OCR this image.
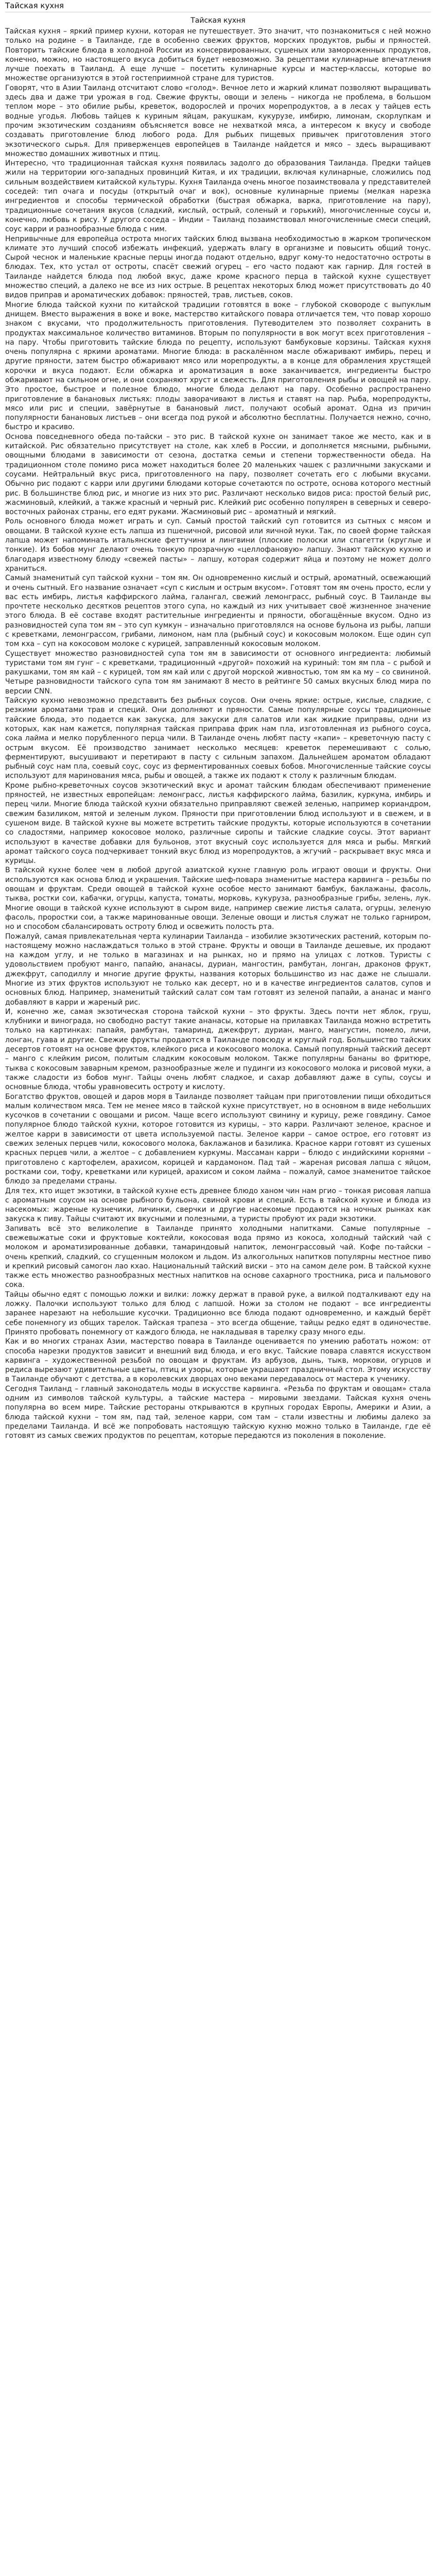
Тайская кухня
Тайская кухня

Тайская кухня – яркий пример кухни, которая не путешествует. Это значит, что познакомиться с ней можно только на родине – в Таиланде, где в особенно свежих фруктов, морских продуктов, рыбы и пряностей. Повторить тайские блюда в холодной России из консервированных, сушеных или замороженных продуктов, конечно, можно, но настоящего вкуса добиться будет невозможно. За рецептами кулинарные впечатления лучше поехать в Таиланд. А еще лучше – посетить кулинарные курсы и мастер-классы, которые во множестве организуются в этой гостеприимной стране для туристов.

Говорят, что в Азии Таиланд отсчитают слово «голод». Вечное лето и жаркий климат позволяют выращивать здесь два и даже три урожая в год. Свежие фрукты, овощи и зелень – никогда не проблема, в большом теплом море – это обилие рыбы, креветок, водорослей и прочих морепродуктов, а в лесах у тайцев есть водные угодья. Любовь тайцев к куриным яйцам, ракушкам, кукурузе, имбирю, лимонам, скорлупкам и прочим экзотическим созданиям объясняется вовсе не нехваткой мяса, а интересом к вкусу и свободе создавать приготовление блюд любого рода. Для рыбьих пищевых привычек приготовления этого экзотического сырья. Для приверженцев европейцев в Таиланде найдется и мясо – здесь выращивают множество домашних животных и птиц.

Интересно, что традиционная тайская кухня появилась задолго до образования Таиланда. Предки тайцев жили на территории юго-западных провинций Китая, и их традиции, включая кулинарные, сложились под сильным воздействием китайской культуры. Кухня Таиланда очень многое позаимствовала у представителей соседей: тип очага и посуды (открытый очаг и вок), основные кулинарные приемы (мелкая нарезка ингредиентов и способы термической обработки (быстрая обжарка, варка, приготовление на пару), традиционные сочетания вкусов (сладкий, кислый, острый, соленый и горький), многочисленные соусы и, конечно, любовь к рису. У другого соседа – Индии – Таиланд позаимствовал многочисленные смеси специй, соус карри и разнообразные блюда с ним.

Непривычные для европейца острота многих тайских блюд вызвана необходимостью в жарком тропическом климате это лучший способ избежать инфекций, удержать влагу в организме и повысить общий тонус. Сырой чеснок и маленькие красные перцы иногда подают отдельно, вдруг кому-то недостаточно остроты в блюдах. Тех, кто устал от остроты, спасёт свежий огурец – его часто подают как гарнир. Для гостей в Таиланде найдется блюда под любой вкус, даже кроме красного перца в тайской кухне существует множество специй, а далеко не все из них острые. В рецептах некоторых блюд может присутствовать до 40 видов приправ и ароматических добавок: пряностей, трав, листьев, соков.

Многие блюда тайской кухни по китайской традиции готовятся в воке – глубокой сковороде с выпуклым днищем. Вместо выражения в воке и воке, мастерство китайского повара отличается тем, что повар хорошо знаком с вкусами, что продолжительность приготовления. Путеводителем это позволяет сохранить в продуктах максимальное количество витаминов. Вторым по популярности в вок могут всех приготовления – на пару. Чтобы приготовить тайские блюда по рецепту, используют бамбуковые корзины. Тайская кухня очень популярна с яркими ароматами. Многие блюда: в раскалённом масле обжаривают имбирь, перец и другие пряности, затем быстро обжаривают мясо или морепродукты, а в конце для обрамления хрустящей корочки и вкуса подают. Если обжарка и ароматизация в воке заканчивается, ингредиенты быстро обжаривают на сильном огне, и они сохраняют хруст и свежесть. Для приготовления рыбы и овощей на пару. Это простое, быстрое и полезное блюдо, многие блюда делают на пару. Особенно распространено приготовление в банановых листьях: плоды заворачивают в листья и ставят на пар. Рыба, морепродукты, мясо или рис и специи, завёрнутые в банановый лист, получают особый аромат. Одна из причин популярности банановых листьев – они всегда под рукой и абсолютно бесплатны. Получается нежно, сочно, быстро и красиво.

Основа повседневного обеда по-тайски – это рис. В тайской кухне он занимает такое же место, как и в китайской. Рис обязательно присутствует на столе, как хлеб в России, и дополняется мясными, рыбными, овощными блюдами в зависимости от сезона, достатка семьи и степени торжественности обеда. На традиционном столе помимо риса может находиться более 20 маленьких чашек с различными закусками и соусами. Нейтральный вкус риса, приготовленного на пару, позволяет сочетать его с любыми вкусами. Обычно рис подают с карри или другими блюдами которые сочетаются по остроте, основа которого местный рис. В большинстве блюд рис, и многие из них это рис. Различают несколько видов риса: простой белый рис, жасминовый, клейкий, а также красный и черный рис. Клейкий рис особенно популярен в северных и северо-восточных районах страны, его едят руками. Жасминовый рис – ароматный и мягкий.

Роль основного блюда может играть и суп. Самый простой тайский суп готовится из сытных с мясом и овощами. В тайской кухне есть лапша из пшеничной, рисовой или яичной муки. Так, по своей форме тайская лапша может напоминать итальянские феттучини и лингвини (плоские полоски или спагетти (круглые и тонкие). Из бобов мунг делают очень тонкую прозрачную «целлофановую» лапшу. Знают тайскую кухню и благодаря известному блюду «свежей пасты» – лапшу, которая содержит яйца и поэтому не может долго храниться.

Самый знаменитый суп тайской кухни – том ям. Он одновременно кислый и острый, ароматный, освежающий и очень сытный. Его название означает «суп с кислым и острым вкусом». Готовят том ям очень просто, если у вас есть имбирь, листья каффирского лайма, галангал, свежий лемонграсс, рыбный соус. В Таиланде вы прочтете несколько десятков рецептов этого супа, но каждый из них учитывает своё жизненное значение этого блюда. В её составе входят растительные ингредиенты и пряности, обогащённые вкусом. Одно из разновидностей супа том ям – это суп кумкун – изначально приготовлялся на основе бульона из рыбы, лапши с креветками, лемонграссом, грибами, лимоном, нам пла (рыбный соус) и кокосовым молоком. Еще один суп том кха – суп на кокосовом молоке с курицей, заправленный кокосовым молоком.

Существует множество разновидностей супа том ям в зависимости от основного ингредиента: любимый туристами том ям гунг – с креветками, традиционный «другой» похожий на куриный: том ям пла – с рыбой и ракушками, том ям кай – с курицей, том ям кай или с другой морской живностью, том ям ка му – со свининой. Четыре разновидности тайского супа том ям занимают 8 место в рейтинге 50 самых вкусных блюд мира по версии CNN.

Тайскую кухню невозможно представить без рыбных соусов. Они очень яркие: острые, кислые, сладкие, с резкими ароматами трав и специй. Они дополняют и пряности. Самые популярные соусы традиционные тайские блюда, это подается как закуска, для закуски для салатов или как жидкие приправы, одни из которых, как нам кажется, популярная тайская приправа фрик нам пла, изготовленная из рыбного соуса, сока лайма и мелко порубленного перца чили. В Таиланде очень любят пасту «капи» – креветочную пасту с острым вкусом. Её производство занимает несколько месяцев: креветок перемешивают с солью, ферментируют, высушивают и перетирают в пасту с сильным запахом. Дальнейшем ароматом обладают рыбный соус нам пла, соевый соус, соус из ферментированных соевых бобов. Многочисленные тайские соусы используют для маринования мяса, рыбы и овощей, а также их подают к столу к различным блюдам.

Кроме рыбно-креветочных соусов экзотический вкус и аромат тайским блюдам обеспечивают применение пряностей, не известных европейцам: лемонграсс, листья каффирского лайма, базилик, куркума, имбирь и перец чили. Многие блюда тайской кухни обязательно приправляют свежей зеленью, например кориандром, свежим базиликом, мятой и зеленым луком. Пряности при приготовлении блюд используют и в свежем, и в сушеном виде. В тайской кухне вы можете встретить тайские продукты, которые используются в сочетании со сладостями, например кокосовое молоко, различные сиропы и тайские сладкие соусы. Этот вариант используют в качестве добавки для бульонов, этот вкусный соус используется для мяса и рыбы. Мягкий аромат тайского соуса подчеркивает тонкий вкус блюд из морепродуктов, а жгучий – раскрывает вкус мяса и курицы.

В тайской кухне более чем в любой другой азиатской кухне главную роль играют овощи и фрукты. Они используются как основа блюд и украшения. Тайские шеф-повара знаменитые мастера карвинга – резьбы по овощам и фруктам. Среди овощей в тайской кухне особое место занимают бамбук, баклажаны, фасоль, тыква, ростки сои, кабачки, огурцы, капуста, томаты, морковь, кукуруза, разнообразные грибы, зелень, лук. Многие овощи в тайской кухне используют в сыром виде, например свежие листья салата, огурцы, зеленую фасоль, проростки сои, а также маринованные овощи. Зеленые овощи и листья служат не только гарниром, но и способом сбалансировать остроту блюд и освежить полость рта.

Пожалуй, самая привлекательная черта кулинарии Таиланда – изобилие экзотических растений, которым по-настоящему можно наслаждаться только в этой стране. Фрукты и овощи в Таиланде дешевые, их продают на каждом углу, и не только в магазинах и на рынках, но и прямо на улицах с лотков. Туристы с удовольствием пробуют манго, папайю, ананасы, дуриан, мангостин, рамбутан, лонган, драконов фрукт, джекфрут, саподиллу и многие другие фрукты, названия которых большинство из нас даже не слышали. Многие из этих фруктов используют не только как десерт, но и в качестве ингредиентов салатов, супов и основных блюд. Например, знаменитый тайский салат сом там готовят из зеленой папайи, а ананас и манго добавляют в карри и жареный рис.

И, конечно же, самая экзотическая сторона тайской кухни – это фрукты. Здесь почти нет яблок, груш, клубники и винограда, но свободно растут такие ананасы, которые на прилавках Таиланда можно встретить только на картинках: папайя, рамбутан, тамаринд, джекфрут, дуриан, манго, мангустин, помело, личи, лонган, гуава и другие. Свежие фрукты продаются в Таиланде повсюду и круглый год. Большинство тайских десертов готовят на основе фруктов, клейкого риса и кокосового молока. Самый популярный тайский десерт – манго с клейким рисом, политым сладким кокосовым молоком. Также популярны бананы во фритюре, тыква с кокосовым заварным кремом, разнообразные желе и пудинги из кокосового молока и рисовой муки, а также сладости из бобов мунг. Тайцы очень любят сладкое, и сахар добавляют даже в супы, соусы и основные блюда, чтобы уравновесить остроту и кислоту.

Богатство фруктов, овощей и даров моря в Таиланде позволяет тайцам при приготовлении пищи обходиться малым количеством мяса. Тем не менее мясо в тайской кухне присутствует, но в основном в виде небольших кусочков в сочетании с овощами и рисом. Чаще всего используют свинину и курицу, реже говядину. Самое популярное блюдо тайской кухни, которое готовится из курицы, – это карри. Различают зеленое, красное и желтое карри в зависимости от цвета используемой пасты. Зеленое карри – самое острое, его готовят из свежих зеленых перцев чили, кокосового молока, баклажанов и базилика. Красное карри готовят из сушеных красных перцев чили, а желтое – с добавлением куркумы. Массаман карри – блюдо с индийскими корнями – приготовлено с картофелем, арахисом, корицей и кардамоном. Пад тай – жареная рисовая лапша с яйцом, ростками сои, тофу, креветками или курицей, арахисом и соком лайма – пожалуй, самое знаменитое тайское блюдо за пределами страны.

Для тех, кто ищет экзотики, в тайской кухне есть древнее блюдо ханом чин нам ргио – тонкая рисовая лапша с ароматным соусом на основе рыбного бульона, свиной крови и специй. Есть в тайской кухне и блюда из насекомых: жареные кузнечики, личинки, сверчки и другие насекомые продаются на ночных рынках как закуска к пиву. Тайцы считают их вкусными и полезными, а туристы пробуют их ради экзотики.

Запивать всё это великолепие в Таиланде принято холодными напитками. Самые популярные – свежевыжатые соки и фруктовые коктейли, кокосовая вода прямо из кокоса, холодный тайский чай с молоком и ароматизированные добавки, тамариндовый напиток, лемонграссовый чай. Кофе по-тайски – очень крепкий, сладкий, со сгущенным молоком и льдом. Из алкогольных напитков популярны местное пиво и крепкий рисовый самогон лао кхао. Национальный тайский виски – это на самом деле ром. В тайской кухне также есть множество разнообразных местных напитков на основе сахарного тростника, риса и пальмового сока.

Тайцы обычно едят с помощью ложки и вилки: ложку держат в правой руке, а вилкой подталкивают еду на ложку. Палочки используют только для блюд с лапшой. Ножи за столом не подают – все ингредиенты заранее нарезают на небольшие кусочки. Традиционно все блюда подают одновременно, и каждый берёт себе понемногу из общих тарелок. Тайская трапеза – это всегда общение, тайцы редко едят в одиночестве. Принято пробовать понемногу от каждого блюда, не накладывая в тарелку сразу много еды.

Как и во многих странах Азии, мастерство повара в Таиланде оценивается по умению работать ножом: от способа нарезки продуктов зависит и внешний вид блюда, и его вкус. Тайские повара славятся искусством карвинга – художественной резьбой по овощам и фруктам. Из арбузов, дынь, тыкв, моркови, огурцов и редиса вырезают удивительные цветы, птиц и узоры, которые украшают праздничный стол. Этому искусству в Таиланде обучают с детства, а в королевских дворцах оно веками передавалось от мастера к ученику.

Сегодня Таиланд – главный законодатель моды в искусстве карвинга. «Резьба по фруктам и овощам» стала одним из символов тайской культуры, а тайские мастера – мировыми звездами. Тайская кухня очень популярна во всем мире. Тайские рестораны открываются в крупных городах Европы, Америки и Азии, а блюда тайской кухни – том ям, пад тай, зеленое карри, сом там – стали известны и любимы далеко за пределами Таиланда. И всё же попробовать настоящую тайскую кухню можно только в Таиланде, где её готовят из самых свежих продуктов по рецептам, которые передаются из поколения в поколение.
